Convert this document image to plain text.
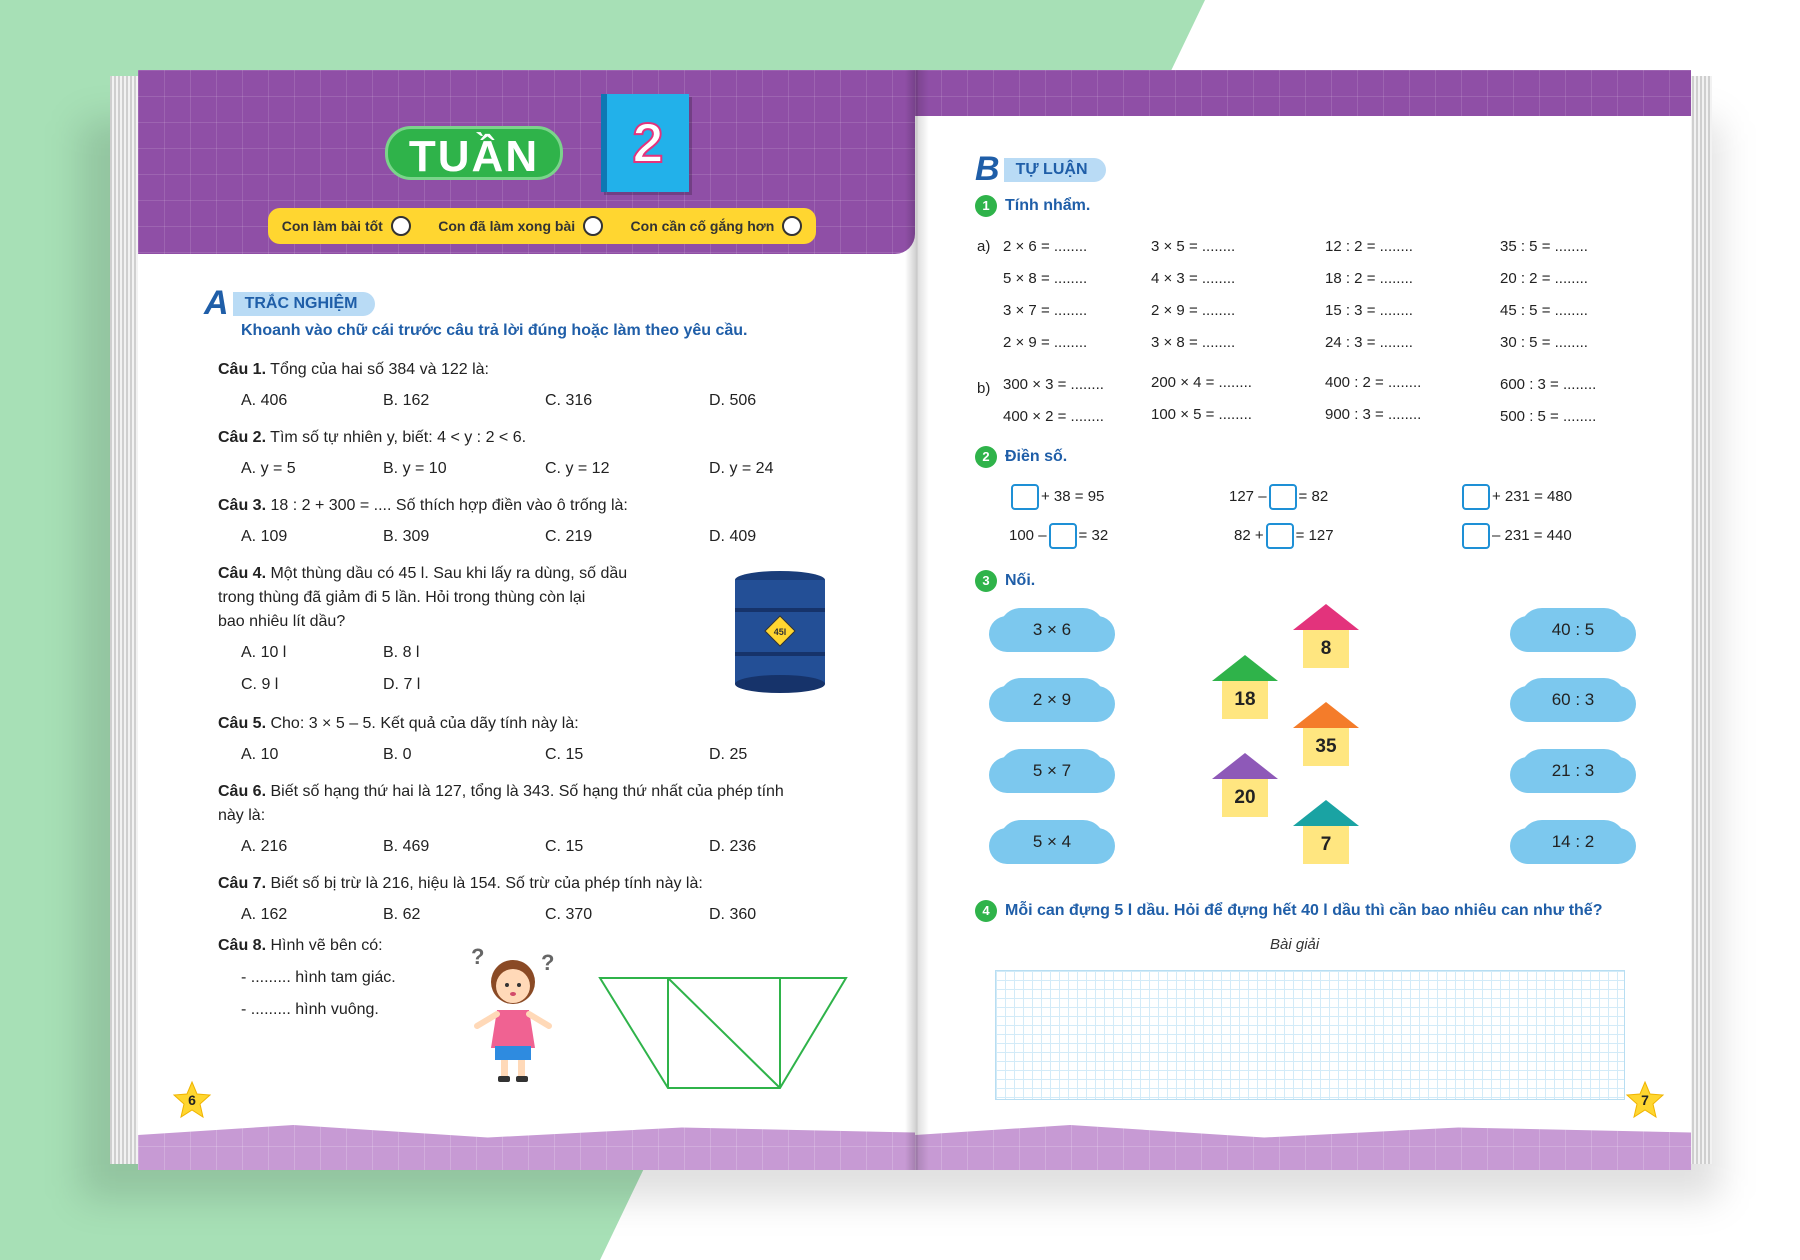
TUẦN	2
Con làm bài tốt	Con đã làm xong bài	Con cần cố gắng hơn
A	TRẮC NGHIỆM
Khoanh vào chữ cái trước câu trả lời đúng hoặc làm theo yêu cầu.
Câu 1. Tổng của hai số 384 và 122 là:
A. 406	B. 162	C. 316	D. 506
Câu 2. Tìm số tự nhiên y, biết: 4 < y : 2 < 6.
A. y = 5	B. y = 10	C. y = 12	D. y = 24
Câu 3. 18 : 2 + 300 = .... Số thích hợp điền vào ô trống là:
A. 109	B. 309	C. 219	D. 409
Câu 4. Một thùng dầu có 45 l. Sau khi lấy ra dùng, số dầu
trong thùng đã giảm đi 5 lần. Hỏi trong thùng còn lại
bao nhiêu lít dầu?
A. 10 l	B. 8 l
C. 9 l	D. 7 l
45l
Câu 5. Cho: 3 × 5 – 5. Kết quả của dãy tính này là:
A. 10	B. 0	C. 15	D. 25
Câu 6. Biết số hạng thứ hai là 127, tổng là 343. Số hạng thứ nhất của phép tính
này là:
A. 216	B. 469	C. 15	D. 236
Câu 7. Biết số bị trừ là 216, hiệu là 154. Số trừ của phép tính này là:
A. 162	B. 62	C. 370	D. 360
Câu 8. Hình vẽ bên có:
- ......... hình tam giác.
- ......... hình vuông.
?	?
6
B	TỰ LUẬN
1 Tính nhẩm.
a)
b)
2 × 6 = ........	3 × 5 = ........	12 : 2 = ........	35 : 5 = ........
5 × 8 = ........	4 × 3 = ........	18 : 2 = ........	20 : 2 = ........
3 × 7 = ........	2 × 9 = ........	15 : 3 = ........	45 : 5 = ........
2 × 9 = ........	3 × 8 = ........	24 : 3 = ........	30 : 5 = ........
300 × 3 = ........	200 × 4 = ........	400 : 2 = ........	600 : 3 = ........
400 × 2 = ........	100 × 5 = ........	900 : 3 = ........	500 : 5 = ........
2 Điền số.
+ 38 = 95	127 – = 82	+ 231 = 480
100 – = 32	82 + = 127	– 231 = 440
3 Nối.
3 × 6
2 × 9
5 × 7
5 × 4
40 : 5
60 : 3
21 : 3
14 : 2
8
18
35
20
7
4 Mỗi can đựng 5 l dầu. Hỏi để đựng hết 40 l dầu thì cần bao nhiêu can như thế?
Bài giải
7
